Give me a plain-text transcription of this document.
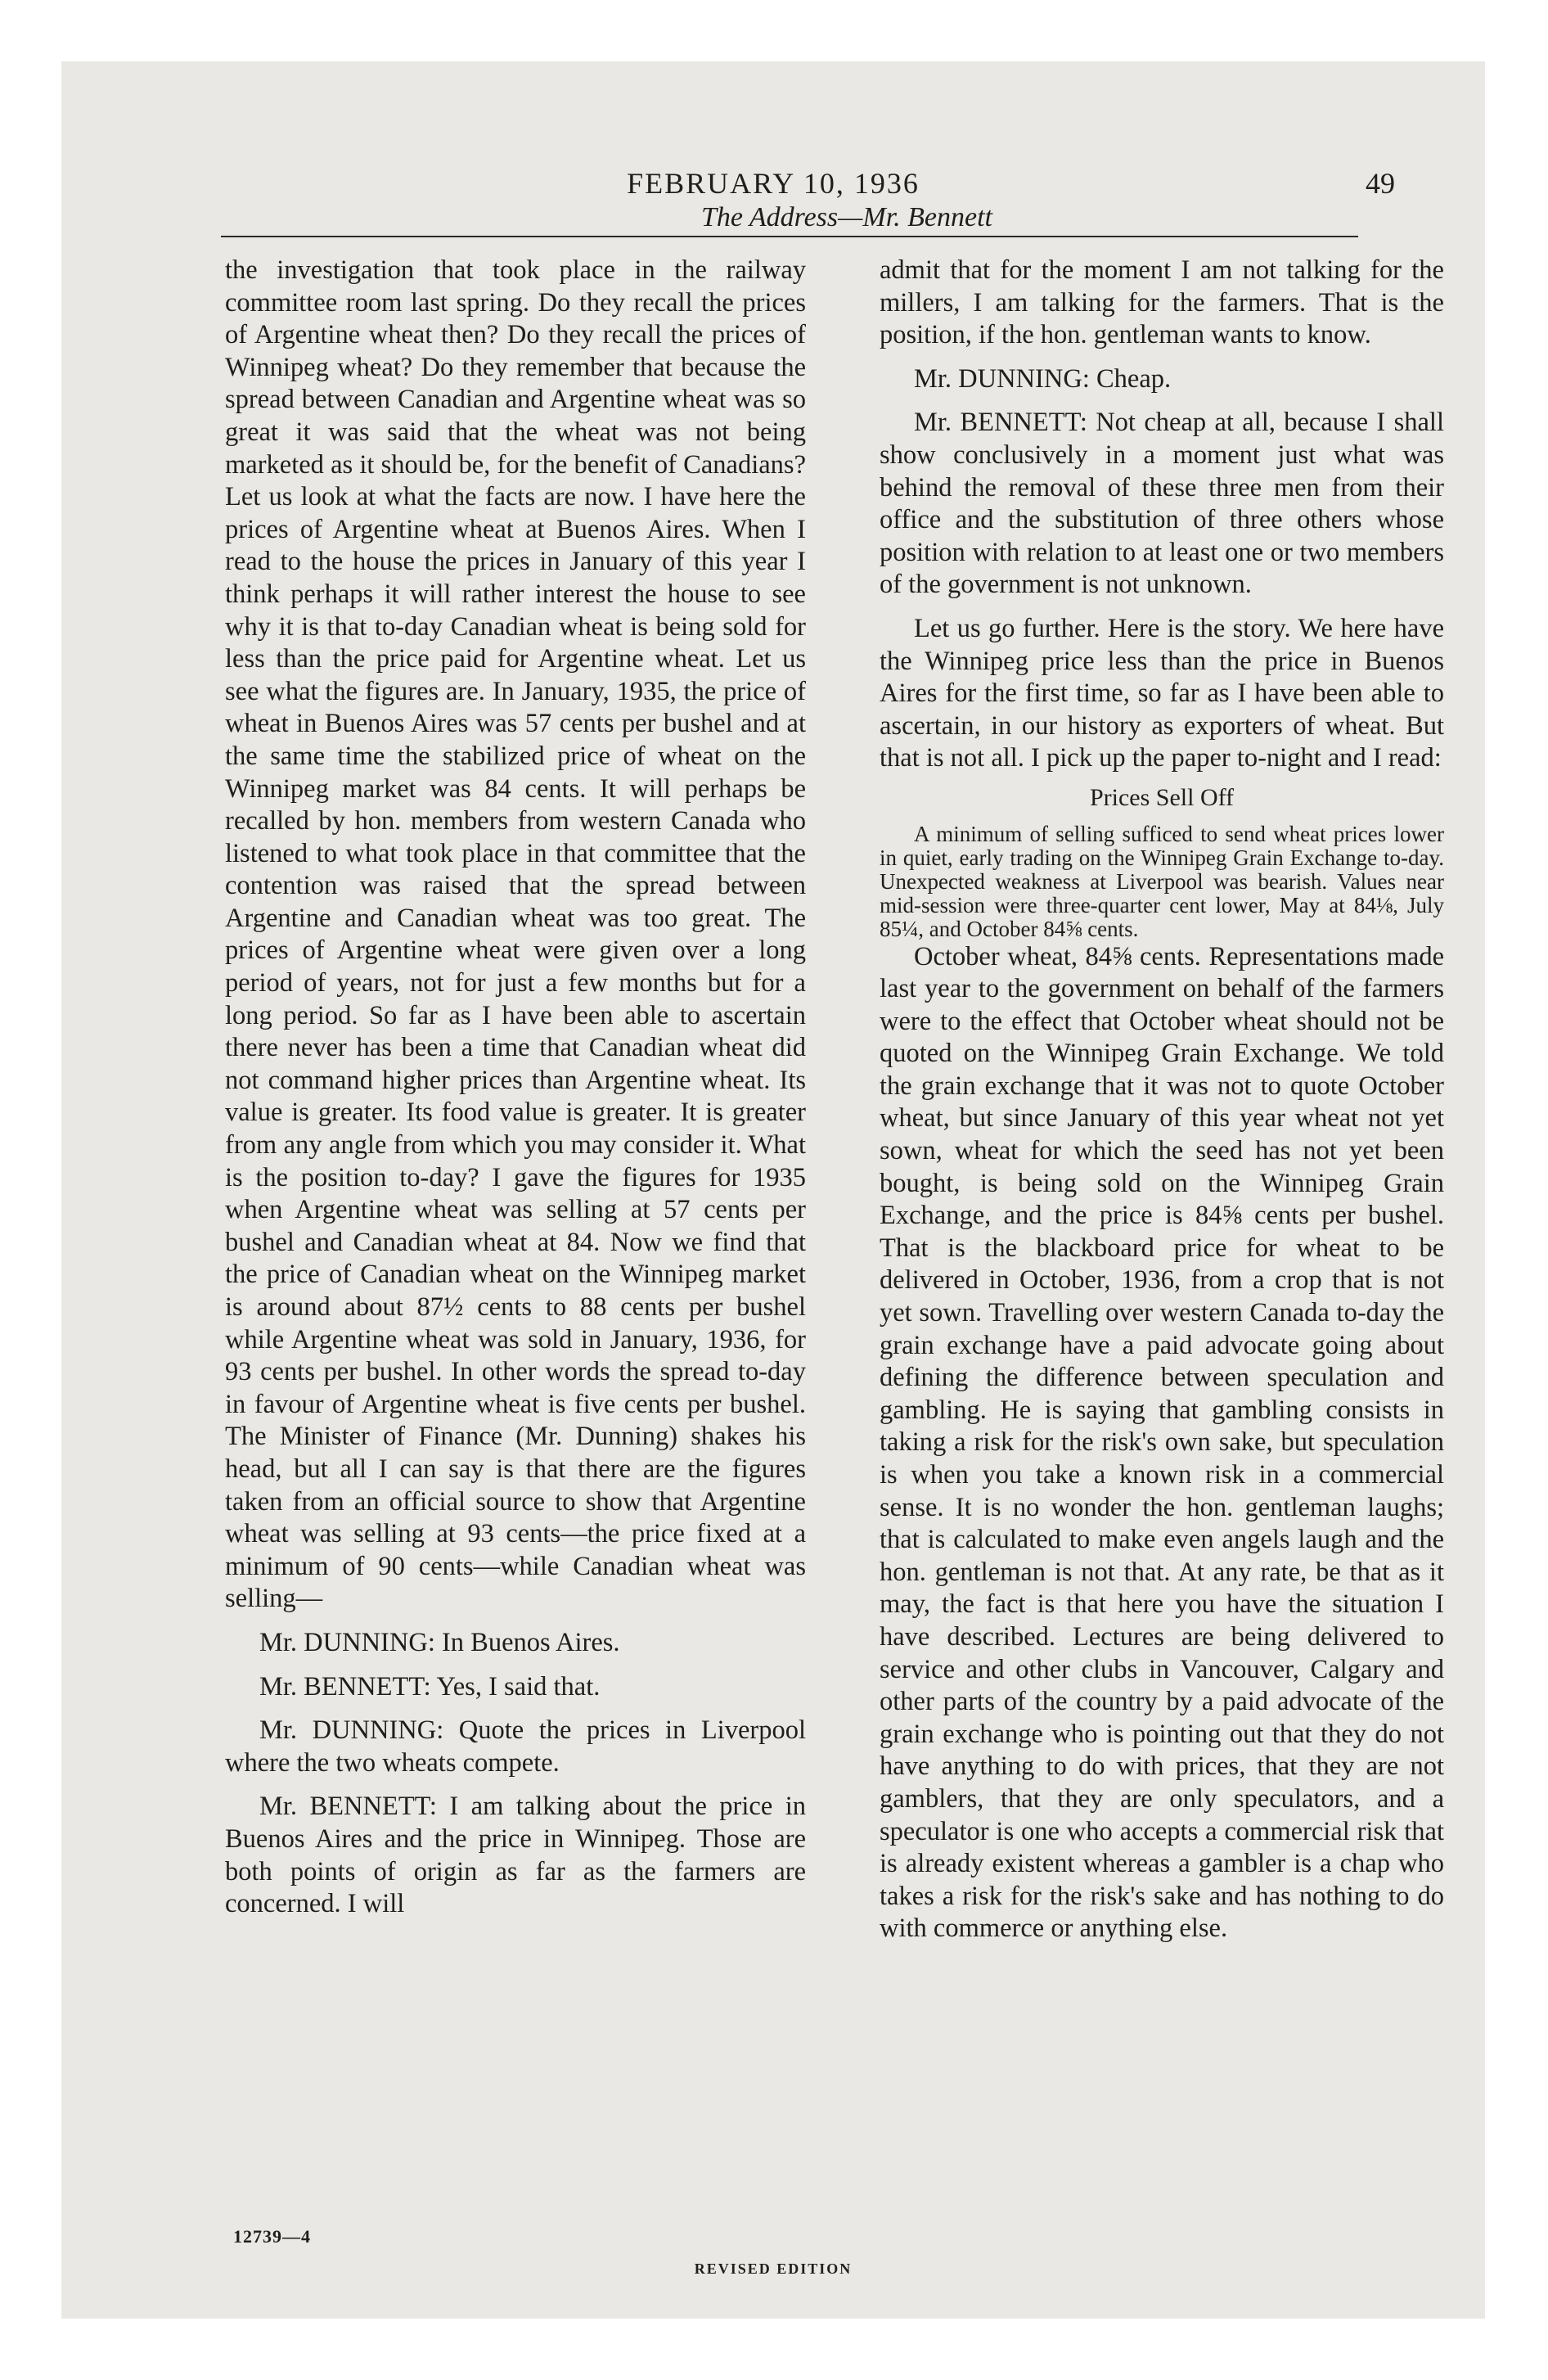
FEBRUARY 10, 1936	49
The Address—Mr. Bennett

the investigation that took place in the railway committee room last spring. Do they recall the prices of Argentine wheat then? Do they recall the prices of Winnipeg wheat? Do they remember that because the spread between Canadian and Argentine wheat was so great it was said that the wheat was not being marketed as it should be, for the benefit of Canadians? Let us look at what the facts are now. I have here the prices of Argentine wheat at Buenos Aires. When I read to the house the prices in January of this year I think perhaps it will rather interest the house to see why it is that to-day Canadian wheat is being sold for less than the price paid for Argentine wheat. Let us see what the figures are. In January, 1935, the price of wheat in Buenos Aires was 57 cents per bushel and at the same time the stabilized price of wheat on the Winnipeg market was 84 cents. It will perhaps be recalled by hon. members from western Canada who listened to what took place in that committee that the contention was raised that the spread between Argentine and Canadian wheat was too great. The prices of Argentine wheat were given over a long period of years, not for just a few months but for a long period. So far as I have been able to ascertain there never has been a time that Canadian wheat did not command higher prices than Argentine wheat. Its value is greater. Its food value is greater. It is greater from any angle from which you may consider it. What is the position to-day? I gave the figures for 1935 when Argentine wheat was selling at 57 cents per bushel and Canadian wheat at 84. Now we find that the price of Canadian wheat on the Winnipeg market is around about 87½ cents to 88 cents per bushel while Argentine wheat was sold in January, 1936, for 93 cents per bushel. In other words the spread to-day in favour of Argentine wheat is five cents per bushel. The Minister of Finance (Mr. Dunning) shakes his head, but all I can say is that there are the figures taken from an official source to show that Argentine wheat was selling at 93 cents—the price fixed at a minimum of 90 cents—while Canadian wheat was selling—

Mr. DUNNING: In Buenos Aires.

Mr. BENNETT: Yes, I said that.

Mr. DUNNING: Quote the prices in Liverpool where the two wheats compete.

Mr. BENNETT: I am talking about the price in Buenos Aires and the price in Winnipeg. Those are both points of origin as far as the farmers are concerned. I will

admit that for the moment I am not talking for the millers, I am talking for the farmers. That is the position, if the hon. gentleman wants to know.

Mr. DUNNING: Cheap.

Mr. BENNETT: Not cheap at all, because I shall show conclusively in a moment just what was behind the removal of these three men from their office and the substitution of three others whose position with relation to at least one or two members of the government is not unknown.

Let us go further. Here is the story. We here have the Winnipeg price less than the price in Buenos Aires for the first time, so far as I have been able to ascertain, in our history as exporters of wheat. But that is not all. I pick up the paper to-night and I read:

Prices Sell Off

A minimum of selling sufficed to send wheat prices lower in quiet, early trading on the Winnipeg Grain Exchange to-day. Unexpected weakness at Liverpool was bearish. Values near mid-session were three-quarter cent lower, May at 84⅛, July 85¼, and October 84⅝ cents.

October wheat, 84⅝ cents. Representations made last year to the government on behalf of the farmers were to the effect that October wheat should not be quoted on the Winnipeg Grain Exchange. We told the grain exchange that it was not to quote October wheat, but since January of this year wheat not yet sown, wheat for which the seed has not yet been bought, is being sold on the Winnipeg Grain Exchange, and the price is 84⅝ cents per bushel. That is the blackboard price for wheat to be delivered in October, 1936, from a crop that is not yet sown. Travelling over western Canada to-day the grain exchange have a paid advocate going about defining the difference between speculation and gambling. He is saying that gambling consists in taking a risk for the risk's own sake, but speculation is when you take a known risk in a commercial sense. It is no wonder the hon. gentleman laughs; that is calculated to make even angels laugh and the hon. gentleman is not that. At any rate, be that as it may, the fact is that here you have the situation I have described. Lectures are being delivered to service and other clubs in Vancouver, Calgary and other parts of the country by a paid advocate of the grain exchange who is pointing out that they do not have anything to do with prices, that they are not gamblers, that they are only speculators, and a speculator is one who accepts a commercial risk that is already existent whereas a gambler is a chap who takes a risk for the risk's sake and has nothing to do with commerce or anything else.

12739—4
REVISED EDITION
